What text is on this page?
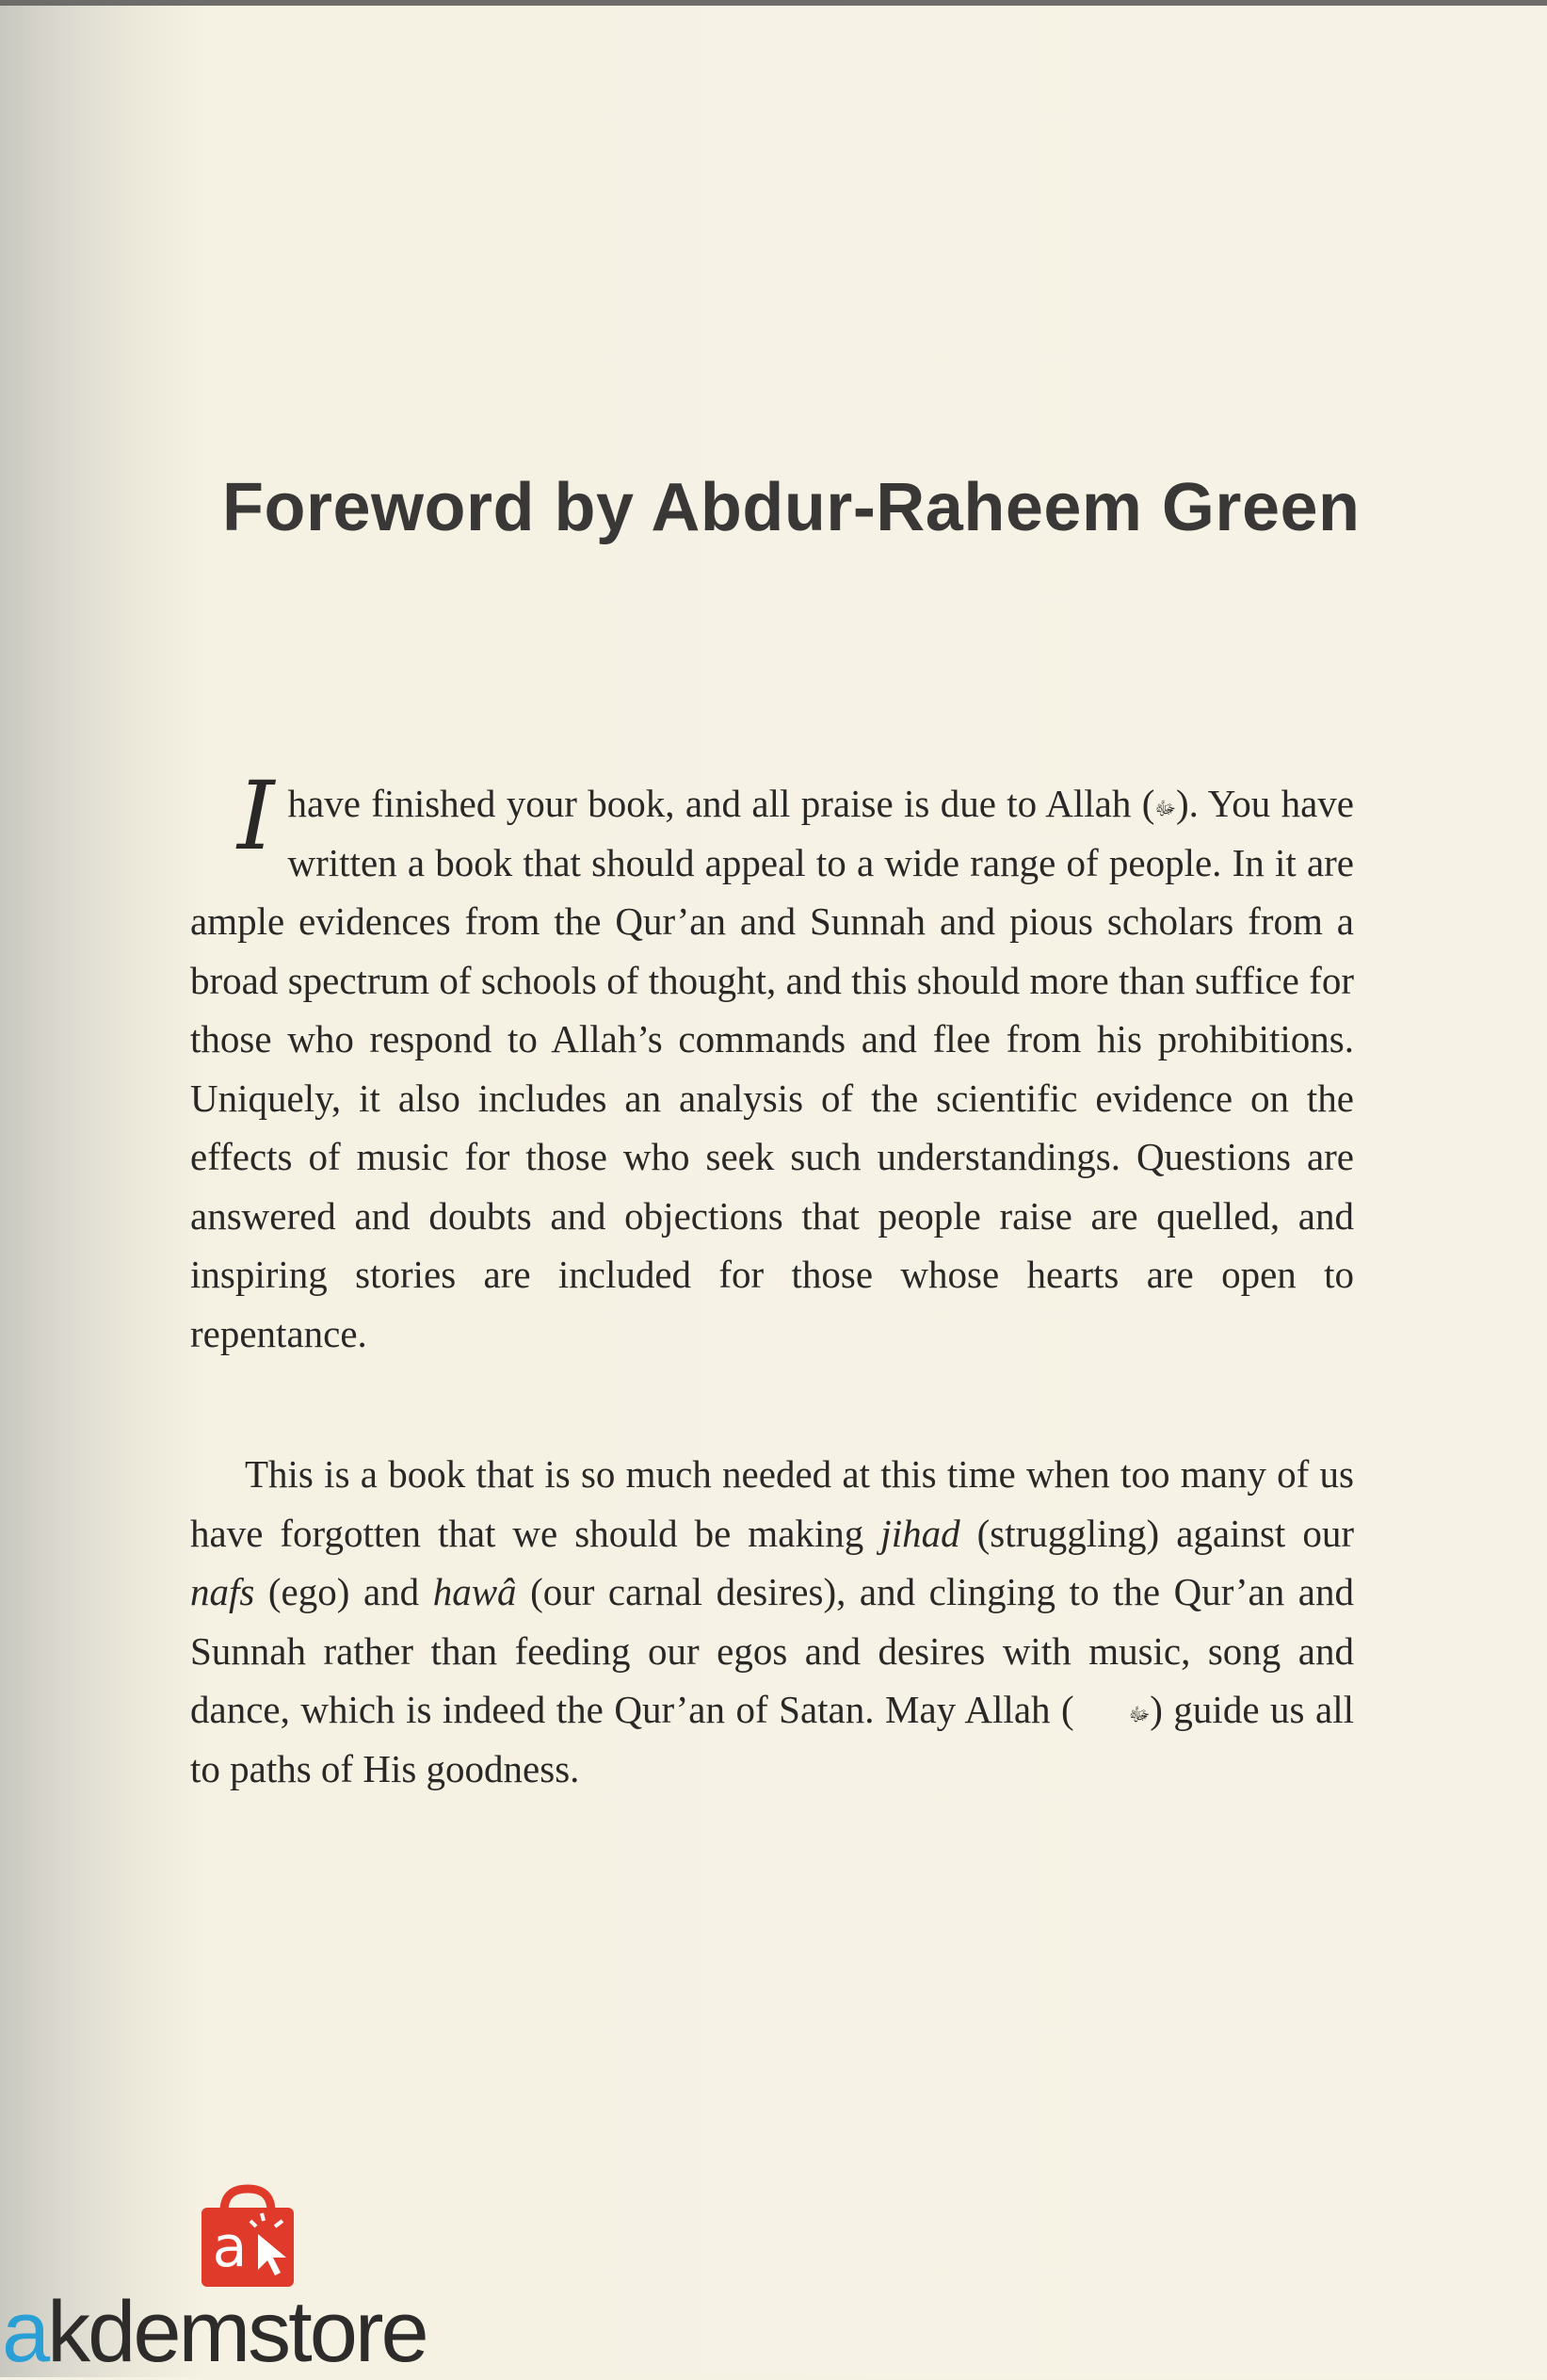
Foreword by Abdur-Raheem Green

I have finished your book, and all praise is due to Allah (ﷻ). You have written a book that should appeal to a wide range of people. In it are ample evidences from the Qur’an and Sunnah and pious scholars from a broad spectrum of schools of thought, and this should more than suffice for those who respond to Allah’s commands and flee from his prohibitions. Uniquely, it also includes an analysis of the scientific evidence on the effects of music for those who seek such understandings. Questions are answered and doubts and objections that people raise are quelled, and inspiring stories are included for those whose hearts are open to repentance.

This is a book that is so much needed at this time when too many of us have forgotten that we should be making jihad (struggling) against our nafs (ego) and hawâ (our carnal desires), and clinging to the Qur’an and Sunnah rather than feeding our egos and desires with music, song and dance, which is indeed the Qur’an of Satan. May Allah (	ﷻ) guide us all to paths of His goodness.

a
akdemstore
